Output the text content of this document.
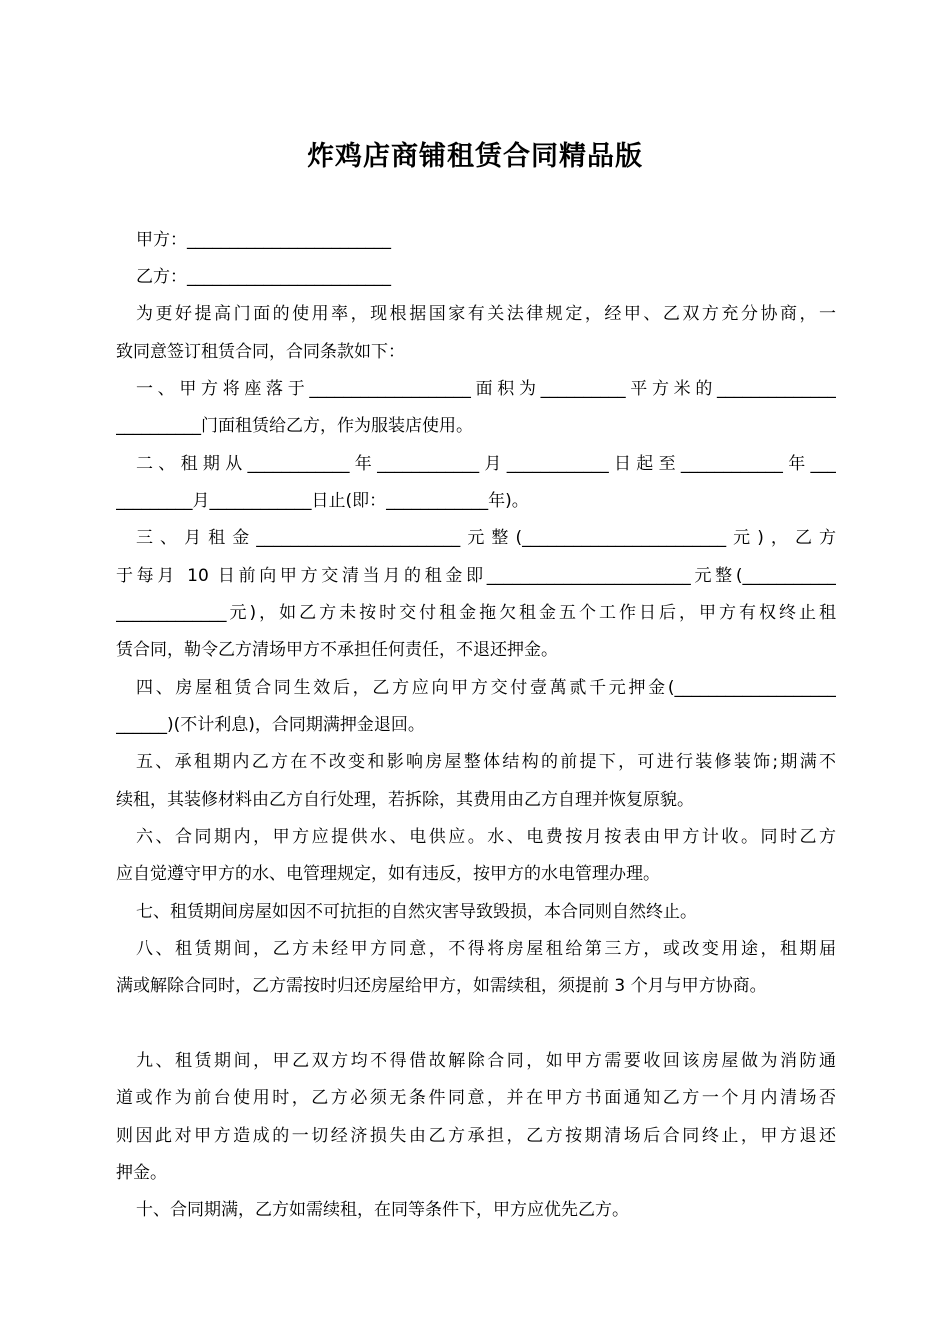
炸鸡店商铺租赁合同精品版
甲方：________________________
乙方：________________________
为更好提高门面的使用率，现根据国家有关法律规定，经甲、乙双方充分协商，一
致同意签订租赁合同，合同条款如下：
一、甲方将座落于___________________面积为__________平方米的______________
__________门面租赁给乙方，作为服装店使用。
二、租期从____________年____________月____________日起至____________年___
_________月____________日止(即：____________年)。
三、月租金________________________元整(________________________元)，乙方
于每月 10 日前向甲方交清当月的租金即________________________元整(___________
_____________元)，如乙方未按时交付租金拖欠租金五个工作日后，甲方有权终止租
赁合同，勒令乙方清场甲方不承担任何责任，不退还押金。
四、房屋租赁合同生效后，乙方应向甲方交付壹萬贰千元押金(___________________
______)(不计利息)，合同期满押金退回。
五、承租期内乙方在不改变和影响房屋整体结构的前提下，可进行装修装饰;期满不
续租，其装修材料由乙方自行处理，若拆除，其费用由乙方自理并恢复原貌。
六、合同期内，甲方应提供水、电供应。水、电费按月按表由甲方计收。同时乙方
应自觉遵守甲方的水、电管理规定，如有违反，按甲方的水电管理办理。
七、租赁期间房屋如因不可抗拒的自然灾害导致毁损，本合同则自然终止。
八、租赁期间，乙方未经甲方同意，不得将房屋租给第三方，或改变用途，租期届
满或解除合同时，乙方需按时归还房屋给甲方，如需续租，须提前 3 个月与甲方协商。
九、租赁期间，甲乙双方均不得借故解除合同，如甲方需要收回该房屋做为消防通
道或作为前台使用时，乙方必须无条件同意，并在甲方书面通知乙方一个月内清场否
则因此对甲方造成的一切经济损失由乙方承担，乙方按期清场后合同终止，甲方退还
押金。
十、合同期满，乙方如需续租，在同等条件下，甲方应优先乙方。
